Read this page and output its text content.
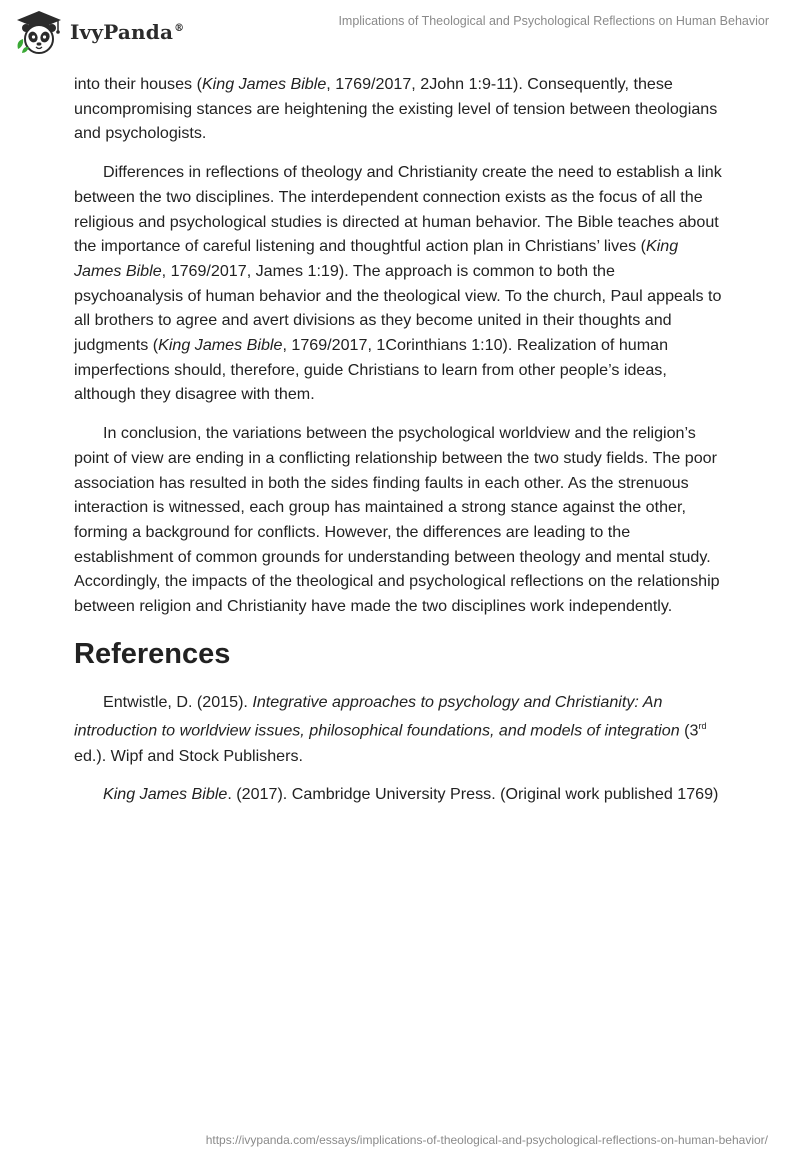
IvyPanda®
Implications of Theological and Psychological Reflections on Human Behavior

into their houses (King James Bible, 1769/2017, 2John 1:9-11). Consequently, these uncompromising stances are heightening the existing level of tension between theologians and psychologists.

Differences in reflections of theology and Christianity create the need to establish a link between the two disciplines. The interdependent connection exists as the focus of all the religious and psychological studies is directed at human behavior. The Bible teaches about the importance of careful listening and thoughtful action plan in Christians’ lives (King James Bible, 1769/2017, James 1:19). The approach is common to both the psychoanalysis of human behavior and the theological view. To the church, Paul appeals to all brothers to agree and avert divisions as they become united in their thoughts and judgments (King James Bible, 1769/2017, 1Corinthians 1:10). Realization of human imperfections should, therefore, guide Christians to learn from other people’s ideas, although they disagree with them.

In conclusion, the variations between the psychological worldview and the religion’s point of view are ending in a conflicting relationship between the two study fields. The poor association has resulted in both the sides finding faults in each other. As the strenuous interaction is witnessed, each group has maintained a strong stance against the other, forming a background for conflicts. However, the differences are leading to the establishment of common grounds for understanding between theology and mental study. Accordingly, the impacts of the theological and psychological reflections on the relationship between religion and Christianity have made the two disciplines work independently.

References

Entwistle, D. (2015). Integrative approaches to psychology and Christianity: An introduction to worldview issues, philosophical foundations, and models of integration (3rd ed.). Wipf and Stock Publishers.

King James Bible. (2017). Cambridge University Press. (Original work published 1769)

https://ivypanda.com/essays/implications-of-theological-and-psychological-reflections-on-human-behavior/
